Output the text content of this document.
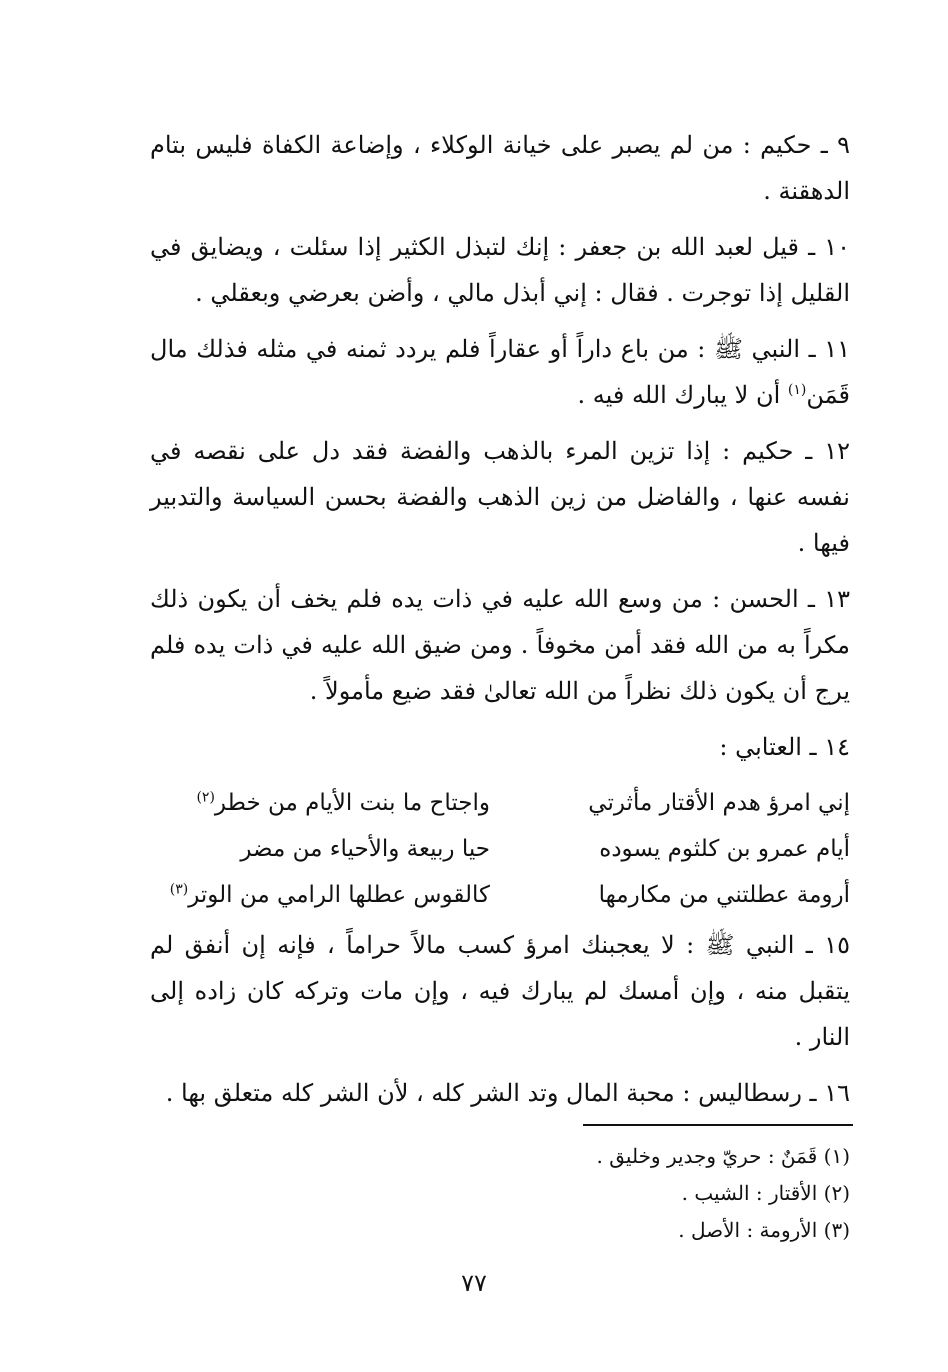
٩ ـ حكيم : من لم يصبر على خيانة الوكلاء ، وإضاعة الكفاة فليس بتام الدهقنة .

١٠ ـ قيل لعبد الله بن جعفر : إنك لتبذل الكثير إذا سئلت ، ويضايق في القليل إذا توجرت . فقال : إني أبذل مالي ، وأضن بعرضي وبعقلي .

١١ ـ النبي ﷺ : من باع داراً أو عقاراً فلم يردد ثمنه في مثله فذلك مال قَمَن$^{(١)}$ أن لا يبارك الله فيه .

١٢ ـ حكيم : إذا تزين المرء بالذهب والفضة فقد دل على نقصه في نفسه عنها ، والفاضل من زين الذهب والفضة بحسن السياسة والتدبير فيها .

١٣ ـ الحسن : من وسع الله عليه في ذات يده فلم يخف أن يكون ذلك مكراً به من الله فقد أمن مخوفاً . ومن ضيق الله عليه في ذات يده فلم يرج أن يكون ذلك نظراً من الله تعالىٰ فقد ضيع مأمولاً .

١٤ ـ العتابي :

إني امرؤ هدم الأقتار مأثرتي
واجتاح ما بنت الأيام من خطر$^{(٢)}$
أيام عمرو بن كلثوم يسوده
حيا ربيعة والأحياء من مضر
أرومة عطلتني من مكارمها
كالقوس عطلها الرامي من الوتر$^{(٣)}$

١٥ ـ النبي ﷺ : لا يعجبنك امرؤ كسب مالاً حراماً ، فإنه إن أنفق لم يتقبل منه ، وإن أمسك لم يبارك فيه ، وإن مات وتركه كان زاده إلى النار .

١٦ ـ رسطاليس : محبة المال وتد الشر كله ، لأن الشر كله متعلق بها .

(١) قَمَنٌ : حريّ وجدير وخليق .

(٢) الأقتار : الشيب .

(٣) الأرومة : الأصل .

٧٧
